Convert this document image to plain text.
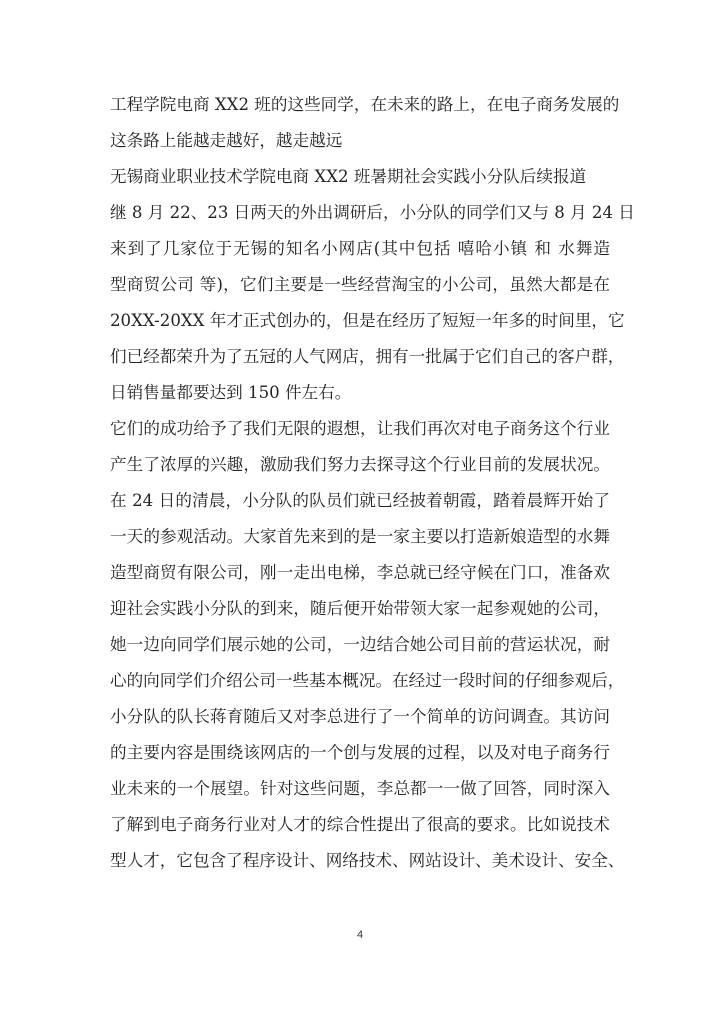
工程学院电商 XX2 班的这些同学，在未来的路上，在电子商务发展的
这条路上能越走越好，越走越远
无锡商业职业技术学院电商 XX2 班暑期社会实践小分队后续报道
继 8 月 22、23 日两天的外出调研后，小分队的同学们又与 8 月 24 日
来到了几家位于无锡的知名小网店(其中包括 嘻哈小镇 和 水舞造
型商贸公司 等)，它们主要是一些经营淘宝的小公司，虽然大都是在
20XX-20XX 年才正式创办的，但是在经历了短短一年多的时间里，它
们已经都荣升为了五冠的人气网店，拥有一批属于它们自己的客户群，
日销售量都要达到 150 件左右。
它们的成功给予了我们无限的遐想，让我们再次对电子商务这个行业
产生了浓厚的兴趣，激励我们努力去探寻这个行业目前的发展状况。
在 24 日的清晨，小分队的队员们就已经披着朝霞，踏着晨辉开始了
一天的参观活动。大家首先来到的是一家主要以打造新娘造型的水舞
造型商贸有限公司，刚一走出电梯，李总就已经守候在门口，准备欢
迎社会实践小分队的到来，随后便开始带领大家一起参观她的公司，
她一边向同学们展示她的公司，一边结合她公司目前的营运状况，耐
心的向同学们介绍公司一些基本概况。在经过一段时间的仔细参观后，
小分队的队长蒋育随后又对李总进行了一个简单的访问调查。其访问
的主要内容是围绕该网店的一个创与发展的过程，以及对电子商务行
业未来的一个展望。针对这些问题，李总都一一做了回答，同时深入
了解到电子商务行业对人才的综合性提出了很高的要求。比如说技术
型人才，它包含了程序设计、网络技术、网站设计、美术设计、安全、
4
